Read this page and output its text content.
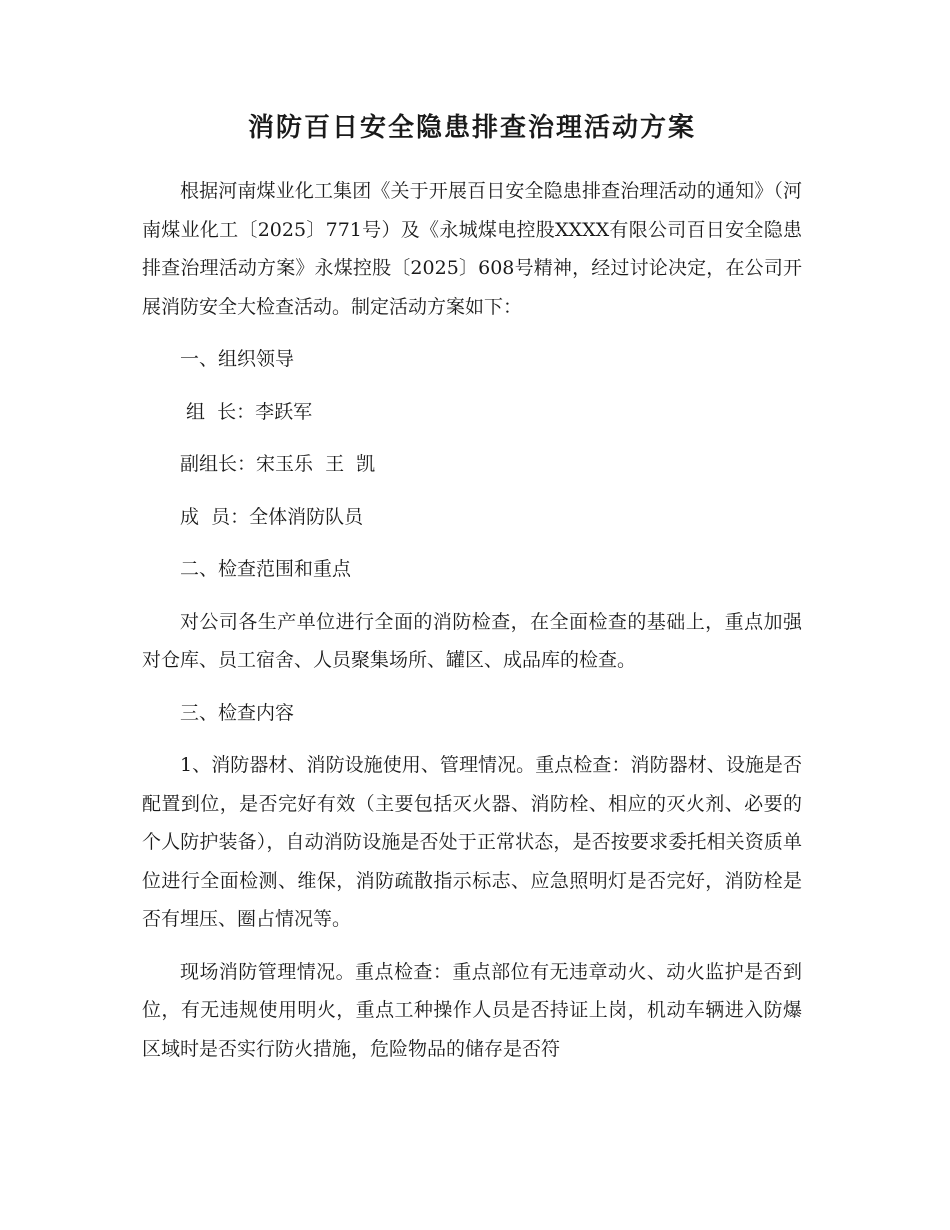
消防百日安全隐患排查治理活动方案

根据河南煤业化工集团《关于开展百日安全隐患排查治理活动的通知》（河南煤业化工〔2025〕771号）及《永城煤电控股XXXX有限公司百日安全隐患排查治理活动方案》永煤控股〔2025〕608号精神，经过讨论决定，在公司开展消防安全大检查活动。制定活动方案如下：

一、组织领导

组  长：李跃军

副组长：宋玉乐  王  凯

成  员：全体消防队员

二、检查范围和重点

对公司各生产单位进行全面的消防检查，在全面检查的基础上，重点加强对仓库、员工宿舍、人员聚集场所、罐区、成品库的检查。

三、检查内容

1、消防器材、消防设施使用、管理情况。重点检查：消防器材、设施是否配置到位，是否完好有效（主要包括灭火器、消防栓、相应的灭火剂、必要的个人防护装备），自动消防设施是否处于正常状态，是否按要求委托相关资质单位进行全面检测、维保，消防疏散指示标志、应急照明灯是否完好，消防栓是否有埋压、圈占情况等。

现场消防管理情况。重点检查：重点部位有无违章动火、动火监护是否到位，有无违规使用明火，重点工种操作人员是否持证上岗，机动车辆进入防爆区域时是否实行防火措施，危险物品的储存是否符
